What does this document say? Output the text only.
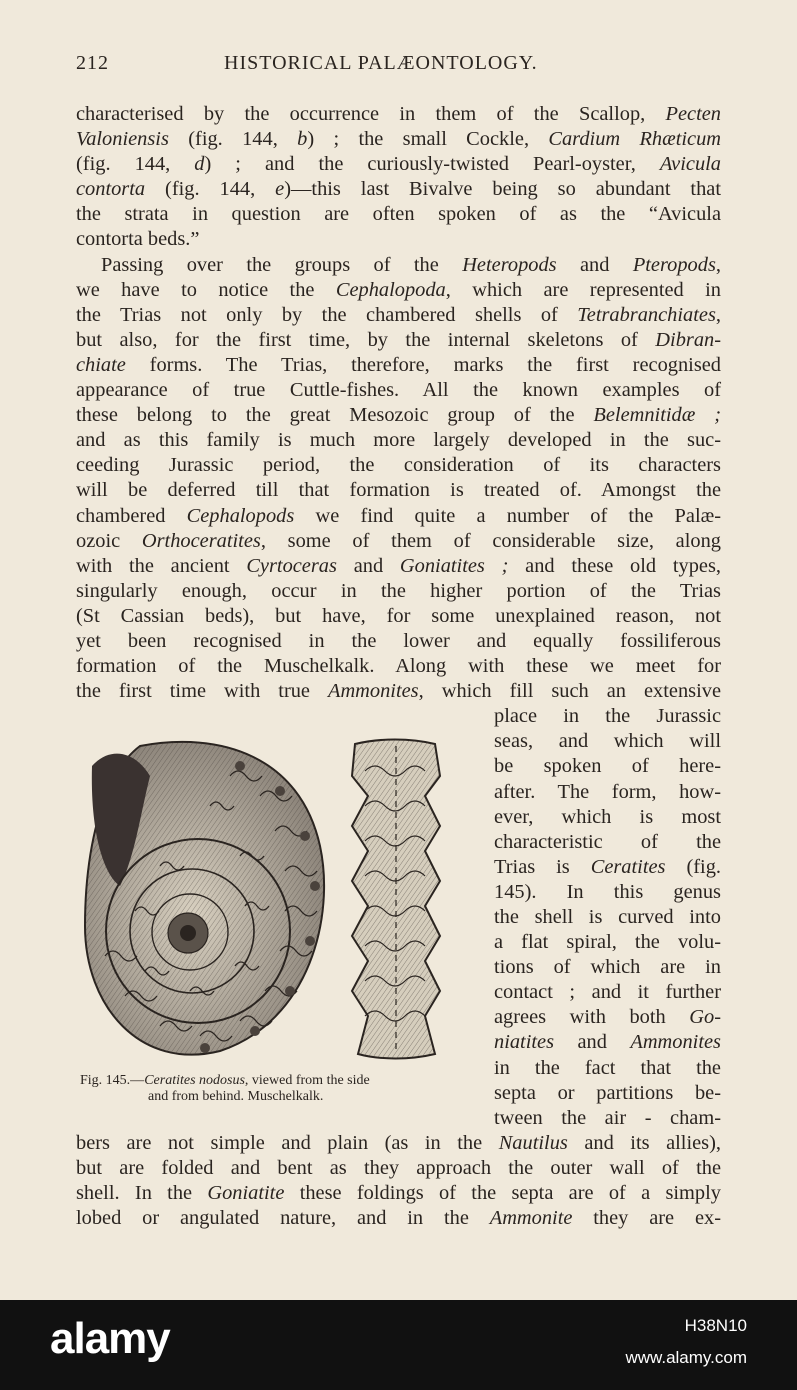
212	HISTORICAL PALÆONTOLOGY.
characterised by the occurrence in them of the Scallop, Pecten
Valoniensis (fig. 144, b) ; the small Cockle, Cardium Rhæticum
(fig. 144, d) ; and the curiously-twisted Pearl-oyster, Avicula
contorta (fig. 144, e)—this last Bivalve being so abundant that
the strata in question are often spoken of as the “Avicula
contorta beds.”
Passing over the groups of the Heteropods and Pteropods,
we have to notice the Cephalopoda, which are represented in
the Trias not only by the chambered shells of Tetrabranchiates,
but also, for the first time, by the internal skeletons of Dibran-
chiate forms. The Trias, therefore, marks the first recognised
appearance of true Cuttle-fishes. All the known examples of
these belong to the great Mesozoic group of the Belemnitidæ ;
and as this family is much more largely developed in the suc-
ceeding Jurassic period, the consideration of its characters
will be deferred till that formation is treated of. Amongst the
chambered Cephalopods we find quite a number of the Palæ-
ozoic Orthoceratites, some of them of considerable size, along
with the ancient Cyrtoceras and Goniatites ; and these old types,
singularly enough, occur in the higher portion of the Trias
(St Cassian beds), but have, for some unexplained reason, not
yet been recognised in the lower and equally fossiliferous
formation of the Muschelkalk. Along with these we meet for
the first time with true Ammonites, which fill such an extensive
place in the Jurassic
seas, and which will
be spoken of here-
after. The form, how-
ever, which is most
characteristic of the
Trias is Ceratites (fig.
145). In this genus
the shell is curved into
a flat spiral, the volu-
tions of which are in
contact ; and it further
agrees with both Go-
niatites and Ammonites
in the fact that the
septa or partitions be-
tween the air - cham-
bers are not simple and plain (as in the Nautilus and its allies),
but are folded and bent as they approach the outer wall of the
shell. In the Goniatite these foldings of the septa are of a simply
lobed or angulated nature, and in the Ammonite they are ex-
Fig. 145.—Ceratites nodosus, viewed from the side
and from behind. Muschelkalk.
alamy	H38N10
www.alamy.com
